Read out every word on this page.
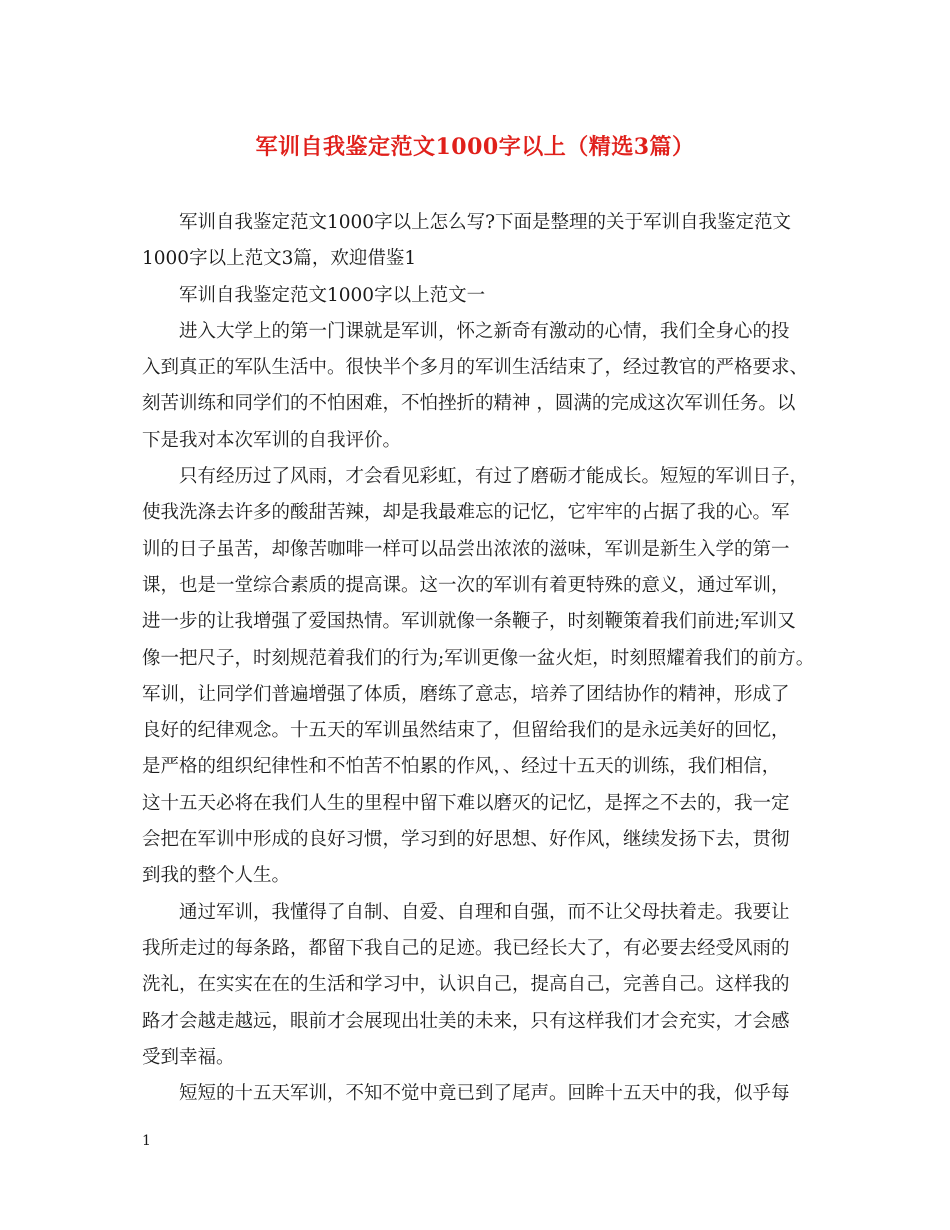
军训自我鉴定范文1000字以上（精选3篇）
军训自我鉴定范文1000字以上怎么写?下面是整理的关于军训自我鉴定范文
1000字以上范文3篇，欢迎借鉴1
军训自我鉴定范文1000字以上范文一
进入大学上的第一门课就是军训，怀之新奇有激动的心情，我们全身心的投
入到真正的军队生活中。很快半个多月的军训生活结束了，经过教官的严格要求、
刻苦训练和同学们的不怕困难，不怕挫折的精神 ，圆满的完成这次军训任务。以
下是我对本次军训的自我评价。
只有经历过了风雨，才会看见彩虹，有过了磨砺才能成长。短短的军训日子，
使我洗涤去许多的酸甜苦辣，却是我最难忘的记忆，它牢牢的占据了我的心。军
训的日子虽苦，却像苦咖啡一样可以品尝出浓浓的滋味，军训是新生入学的第一
课，也是一堂综合素质的提高课。这一次的军训有着更特殊的意义，通过军训，
进一步的让我增强了爱国热情。军训就像一条鞭子，时刻鞭策着我们前进;军训又
像一把尺子，时刻规范着我们的行为;军训更像一盆火炬，时刻照耀着我们的前方。
军训，让同学们普遍增强了体质，磨练了意志，培养了团结协作的精神，形成了
良好的纪律观念。十五天的军训虽然结束了，但留给我们的是永远美好的回忆，
是严格的组织纪律性和不怕苦不怕累的作风，、经过十五天的训练，我们相信，
这十五天必将在我们人生的里程中留下难以磨灭的记忆，是挥之不去的，我一定
会把在军训中形成的良好习惯，学习到的好思想、好作风，继续发扬下去，贯彻
到我的整个人生。
通过军训，我懂得了自制、自爱、自理和自强，而不让父母扶着走。我要让
我所走过的每条路，都留下我自己的足迹。我已经长大了，有必要去经受风雨的
洗礼，在实实在在的生活和学习中，认识自己，提高自己，完善自己。这样我的
路才会越走越远，眼前才会展现出壮美的未来，只有这样我们才会充实，才会感
受到幸福。
短短的十五天军训，不知不觉中竟已到了尾声。回眸十五天中的我，似乎每
1
